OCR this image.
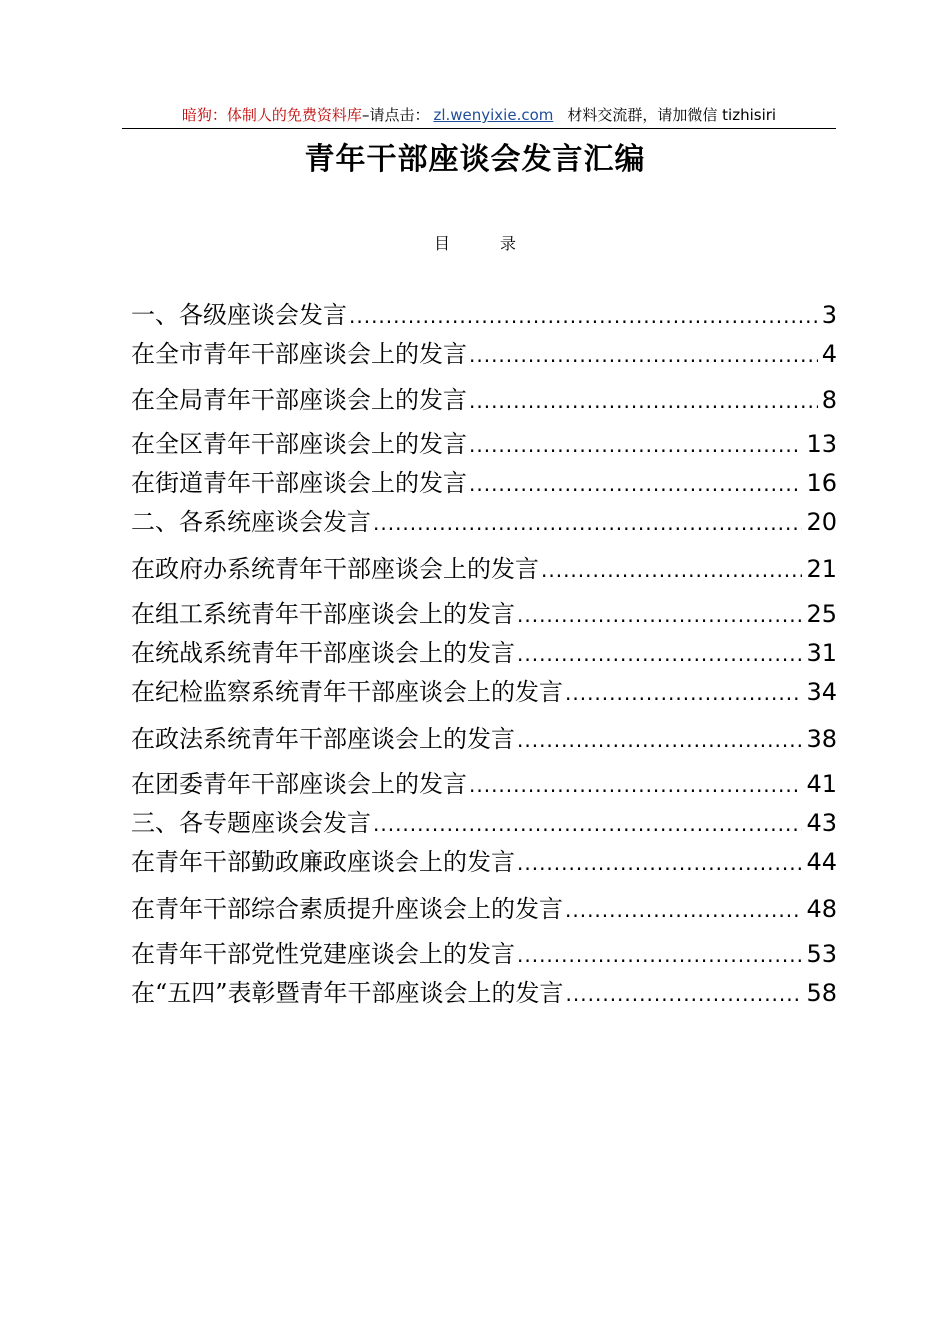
暗狗：体制人的免费资料库–请点击： zl.wenyixie.com 材料交流群，请加微信 tizhisiri
青年干部座谈会发言汇编
目录
一、各级座谈会发言 .....	3
在全市青年干部座谈会上的发言 .....	4
在全局青年干部座谈会上的发言 .....	8
在全区青年干部座谈会上的发言 .....	13
在街道青年干部座谈会上的发言 .....	16
二、各系统座谈会发言 .....	20
在政府办系统青年干部座谈会上的发言 .....	21
在组工系统青年干部座谈会上的发言 .....	25
在统战系统青年干部座谈会上的发言 .....	31
在纪检监察系统青年干部座谈会上的发言 .....	34
在政法系统青年干部座谈会上的发言 .....	38
在团委青年干部座谈会上的发言 .....	41
三、各专题座谈会发言 .....	43
在青年干部勤政廉政座谈会上的发言 .....	44
在青年干部综合素质提升座谈会上的发言 .....	48
在青年干部党性党建座谈会上的发言 .....	53
在“五四”表彰暨青年干部座谈会上的发言 .....	58
